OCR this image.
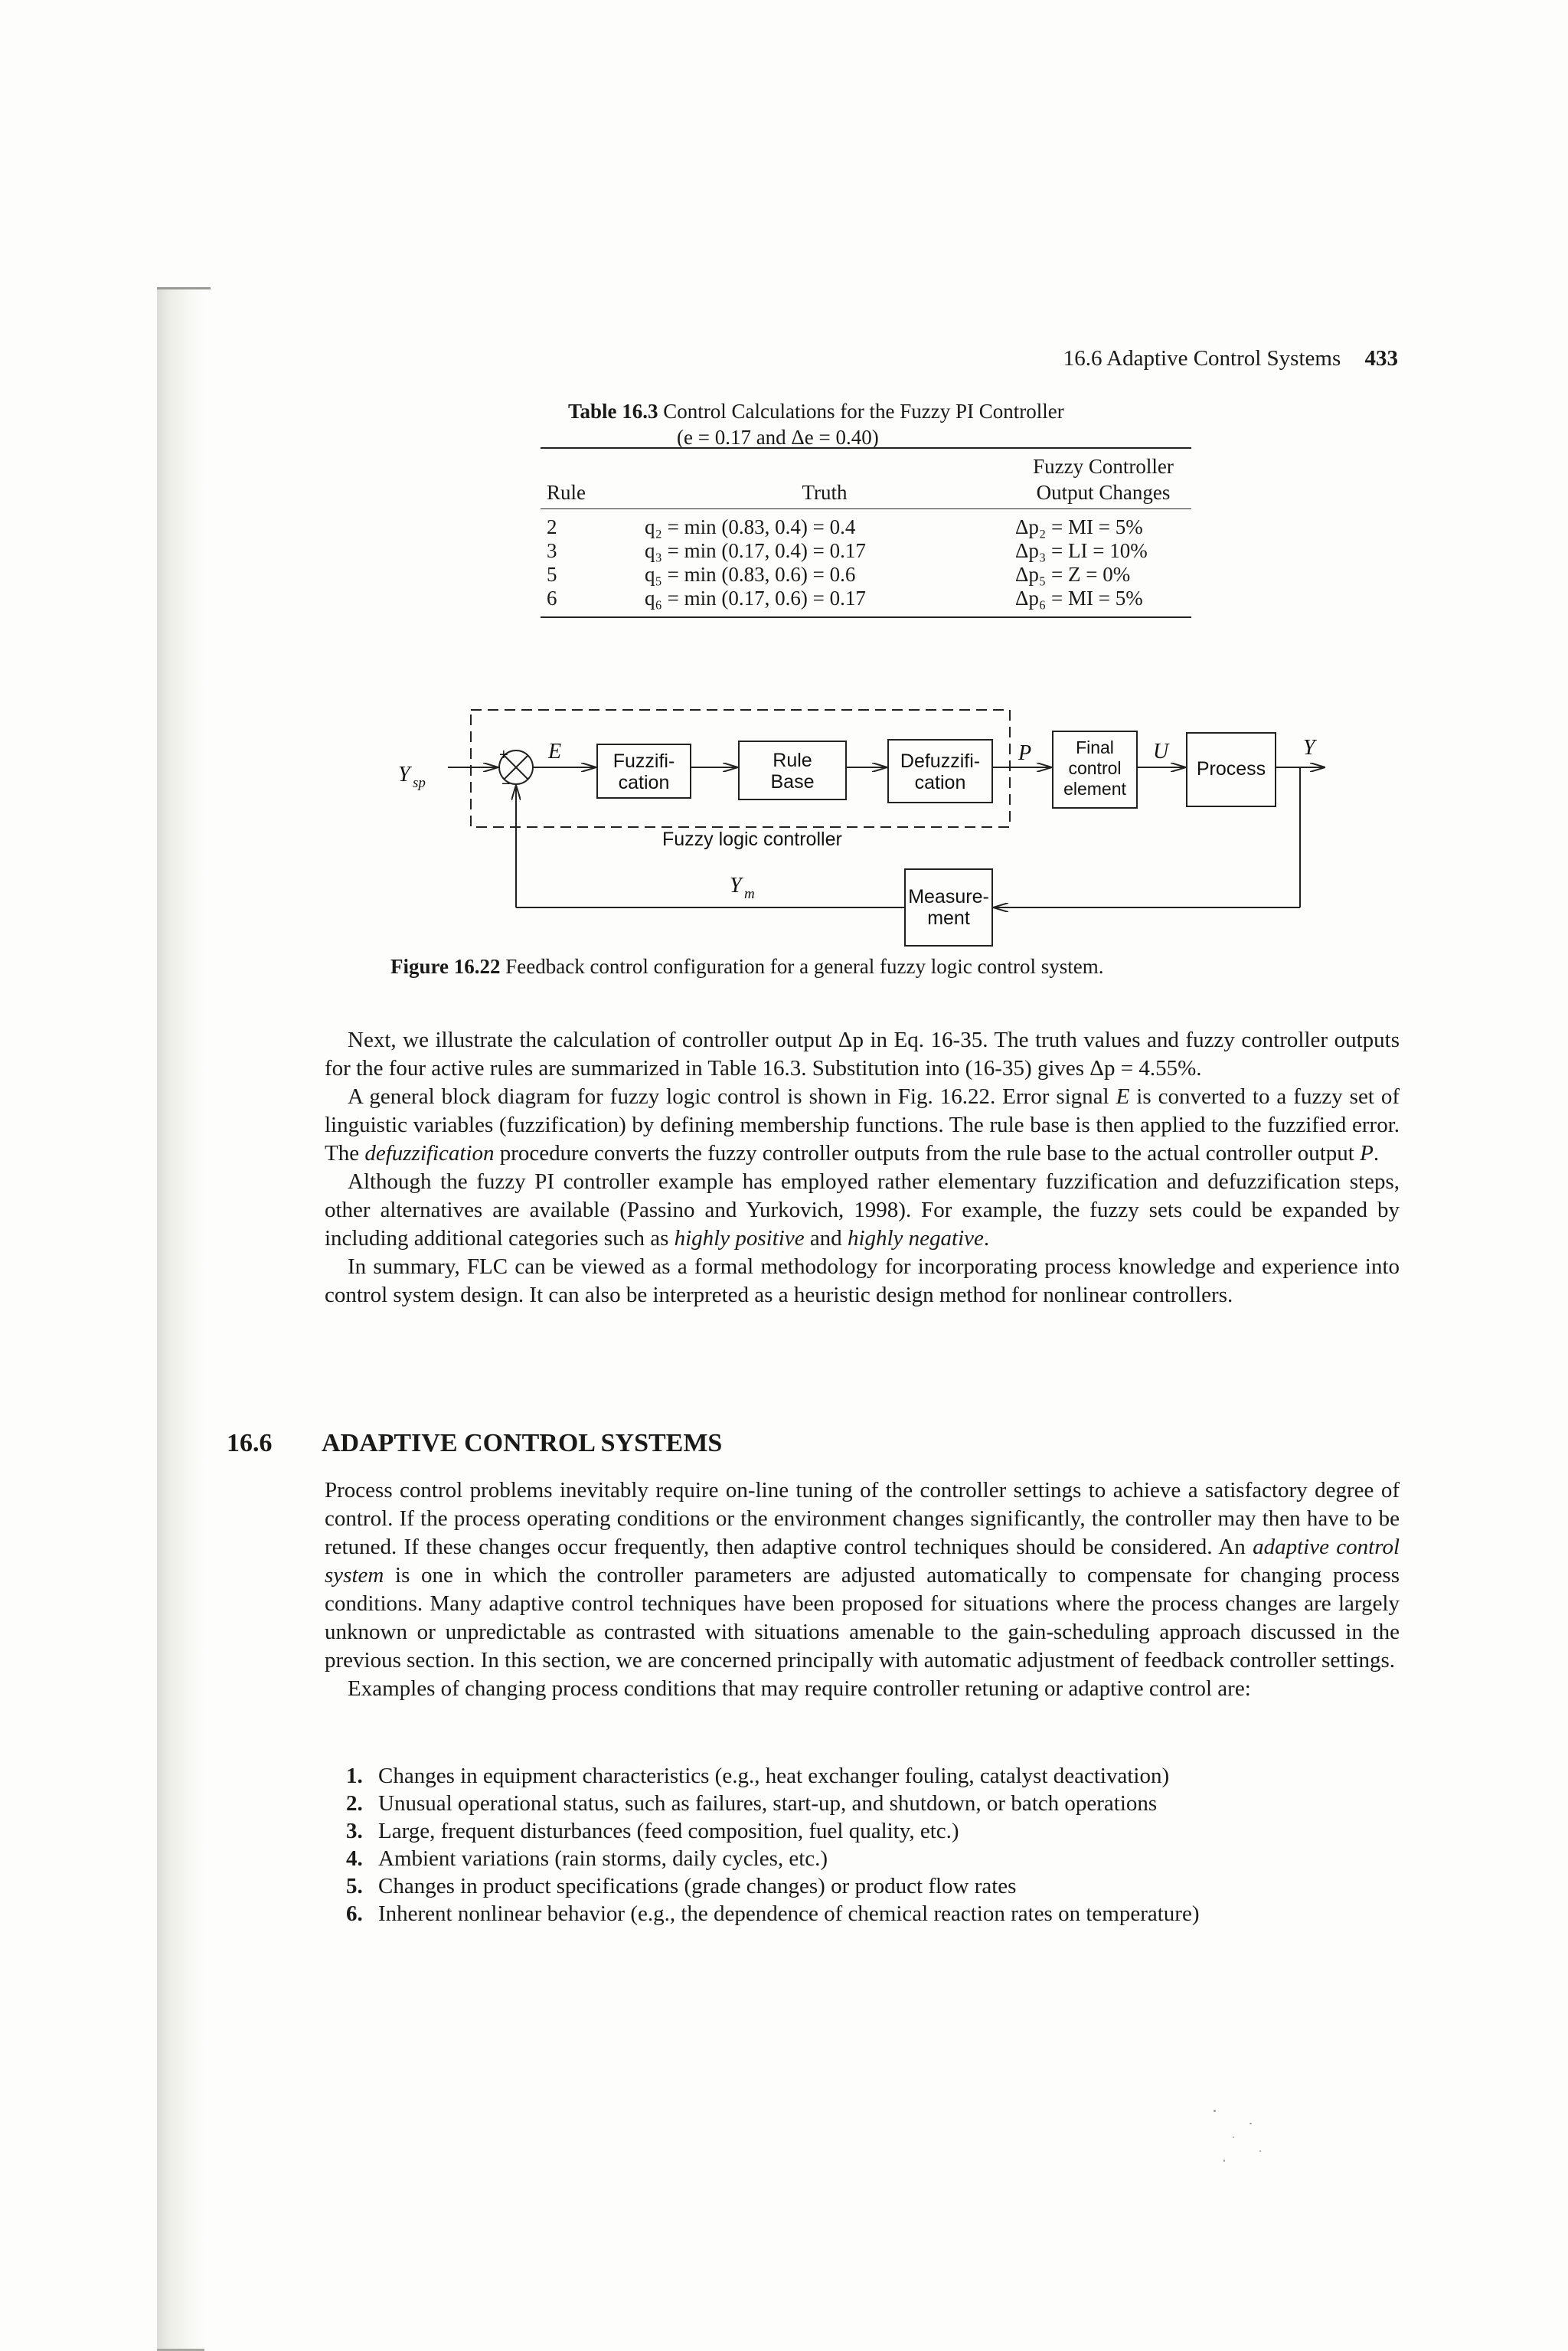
16.6 Adaptive Control Systems 433
Table 16.3 Control Calculations for the Fuzzy PI Controller
(e = 0.17 and Δe = 0.40)
Rule	Truth	Fuzzy Controller
Output Changes
2	q₂ = min (0.83, 0.4) = 0.4	Δp₂ = MI = 5%
3	q₃ = min (0.17, 0.4) = 0.17	Δp₃ = LI = 10%
5	q₅ = min (0.83, 0.6) = 0.6	Δp₅ = Z = 0%
6	q₆ = min (0.17, 0.6) = 0.17	Δp₆ = MI = 5%
Y sp
+
−
E	Fuzzifi-
cation
Rule
Base
Defuzzifi-
cation
P	Final
control
element
U
Process
Y
Fuzzy logic controller
Y m	Measure-
ment
Figure 16.22 Feedback control configuration for a general fuzzy logic control system.

Next, we illustrate the calculation of controller output Δp in Eq. 16-35. The truth values and fuzzy controller outputs for the four active rules are summarized in Table 16.3. Substitution into (16-35) gives Δp = 4.55%.

A general block diagram for fuzzy logic control is shown in Fig. 16.22. Error signal E is converted to a fuzzy set of linguistic variables (fuzzification) by defining membership functions. The rule base is then applied to the fuzzified error. The defuzzification procedure converts the fuzzy controller outputs from the rule base to the actual controller output P.

Although the fuzzy PI controller example has employed rather elementary fuzzification and defuzzification steps, other alternatives are available (Passino and Yurkovich, 1998). For example, the fuzzy sets could be expanded by including additional categories such as highly positive and highly negative.

In summary, FLC can be viewed as a formal methodology for incorporating process knowledge and experience into control system design. It can also be interpreted as a heuristic design method for nonlinear controllers.

16.6 ADAPTIVE CONTROL SYSTEMS

Process control problems inevitably require on-line tuning of the controller settings to achieve a satisfactory degree of control. If the process operating conditions or the environment changes significantly, the controller may then have to be retuned. If these changes occur frequently, then adaptive control techniques should be considered. An adaptive control system is one in which the controller parameters are adjusted automatically to compensate for changing process conditions. Many adaptive control techniques have been proposed for situations where the process changes are largely unknown or unpredictable as contrasted with situations amenable to the gain-scheduling approach discussed in the previous section. In this section, we are concerned principally with automatic adjustment of feedback controller settings.

Examples of changing process conditions that may require controller retuning or adaptive control are:

1. Changes in equipment characteristics (e.g., heat exchanger fouling, catalyst deactivation)
2. Unusual operational status, such as failures, start-up, and shutdown, or batch operations
3. Large, frequent disturbances (feed composition, fuel quality, etc.)
4. Ambient variations (rain storms, daily cycles, etc.)
5. Changes in product specifications (grade changes) or product flow rates
6. Inherent nonlinear behavior (e.g., the dependence of chemical reaction rates on temperature)
